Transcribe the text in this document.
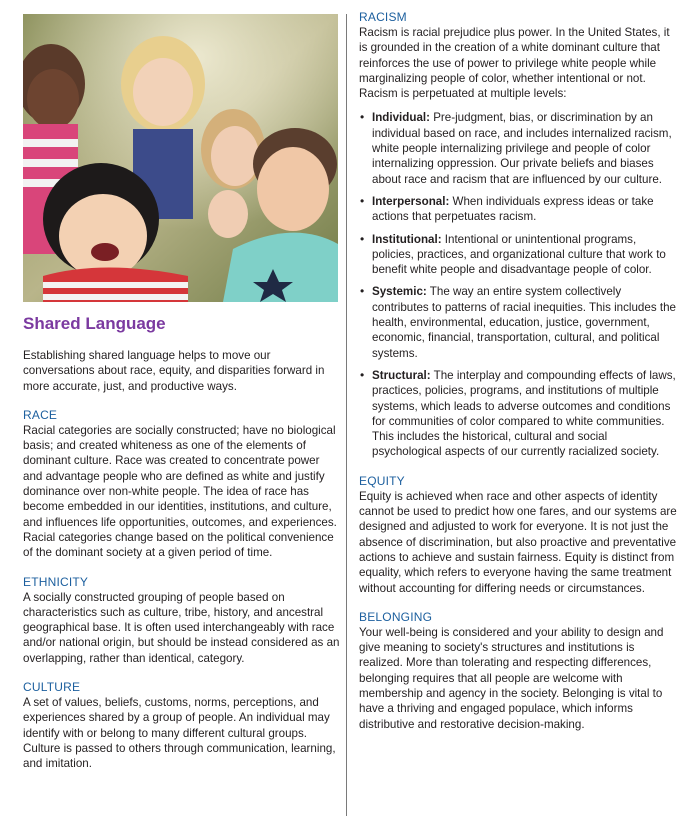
Shared Language

Establishing shared language helps to move our conversations about race, equity, and disparities forward in more accurate, just, and productive ways.

RACE

Racial categories are socially constructed; have no biological basis; and created whiteness as one of the elements of dominant culture. Race was created to concentrate power and advantage people who are defined as white and justify dominance over non-white people. The idea of race has become embedded in our identities, institutions, and culture, and influences life opportunities, outcomes, and experiences. Racial categories change based on the political convenience of the dominant society at a given period of time.

ETHNICITY

A socially constructed grouping of people based on characteristics such as culture, tribe, history, and ancestral geographical base. It is often used interchangeably with race and/or national origin, but should be instead considered as an overlapping, rather than identical, category.

CULTURE

A set of values, beliefs, customs, norms, perceptions, and experiences shared by a group of people. An individual may identify with or belong to many different cultural groups. Culture is passed to others through communication, learning, and imitation.

RACISM

Racism is racial prejudice plus power. In the United States, it is grounded in the creation of a white dominant culture that reinforces the use of power to privilege white people while marginalizing people of color, whether intentional or not. Racism is perpetuated at multiple levels:

• Individual: Pre-judgment, bias, or discrimination by an individual based on race, and includes internalized racism, white people internalizing privilege and people of color internalizing oppression. Our private beliefs and biases about race and racism that are influenced by our culture.
• Interpersonal: When individuals express ideas or take actions that perpetuates racism.
• Institutional: Intentional or unintentional programs, policies, practices, and organizational culture that work to benefit white people and disadvantage people of color.
• Systemic: The way an entire system collectively contributes to patterns of racial inequities. This includes the health, environmental, education, justice, government, economic, financial, transportation, cultural, and political systems.
• Structural: The interplay and compounding effects of laws, practices, policies, programs, and institutions of multiple systems, which leads to adverse outcomes and conditions for communities of color compared to white communities. This includes the historical, cultural and social psychological aspects of our currently racialized society.
EQUITY

Equity is achieved when race and other aspects of identity cannot be used to predict how one fares, and our systems are designed and adjusted to work for everyone. It is not just the absence of discrimination, but also proactive and preventative actions to achieve and sustain fairness. Equity is distinct from equality, which refers to everyone having the same treatment without accounting for differing needs or circumstances.

BELONGING

Your well-being is considered and your ability to design and give meaning to society's structures and institutions is realized. More than tolerating and respecting differences, belonging requires that all people are welcome with membership and agency in the society. Belonging is vital to have a thriving and engaged populace, which informs distributive and restorative decision-making.
